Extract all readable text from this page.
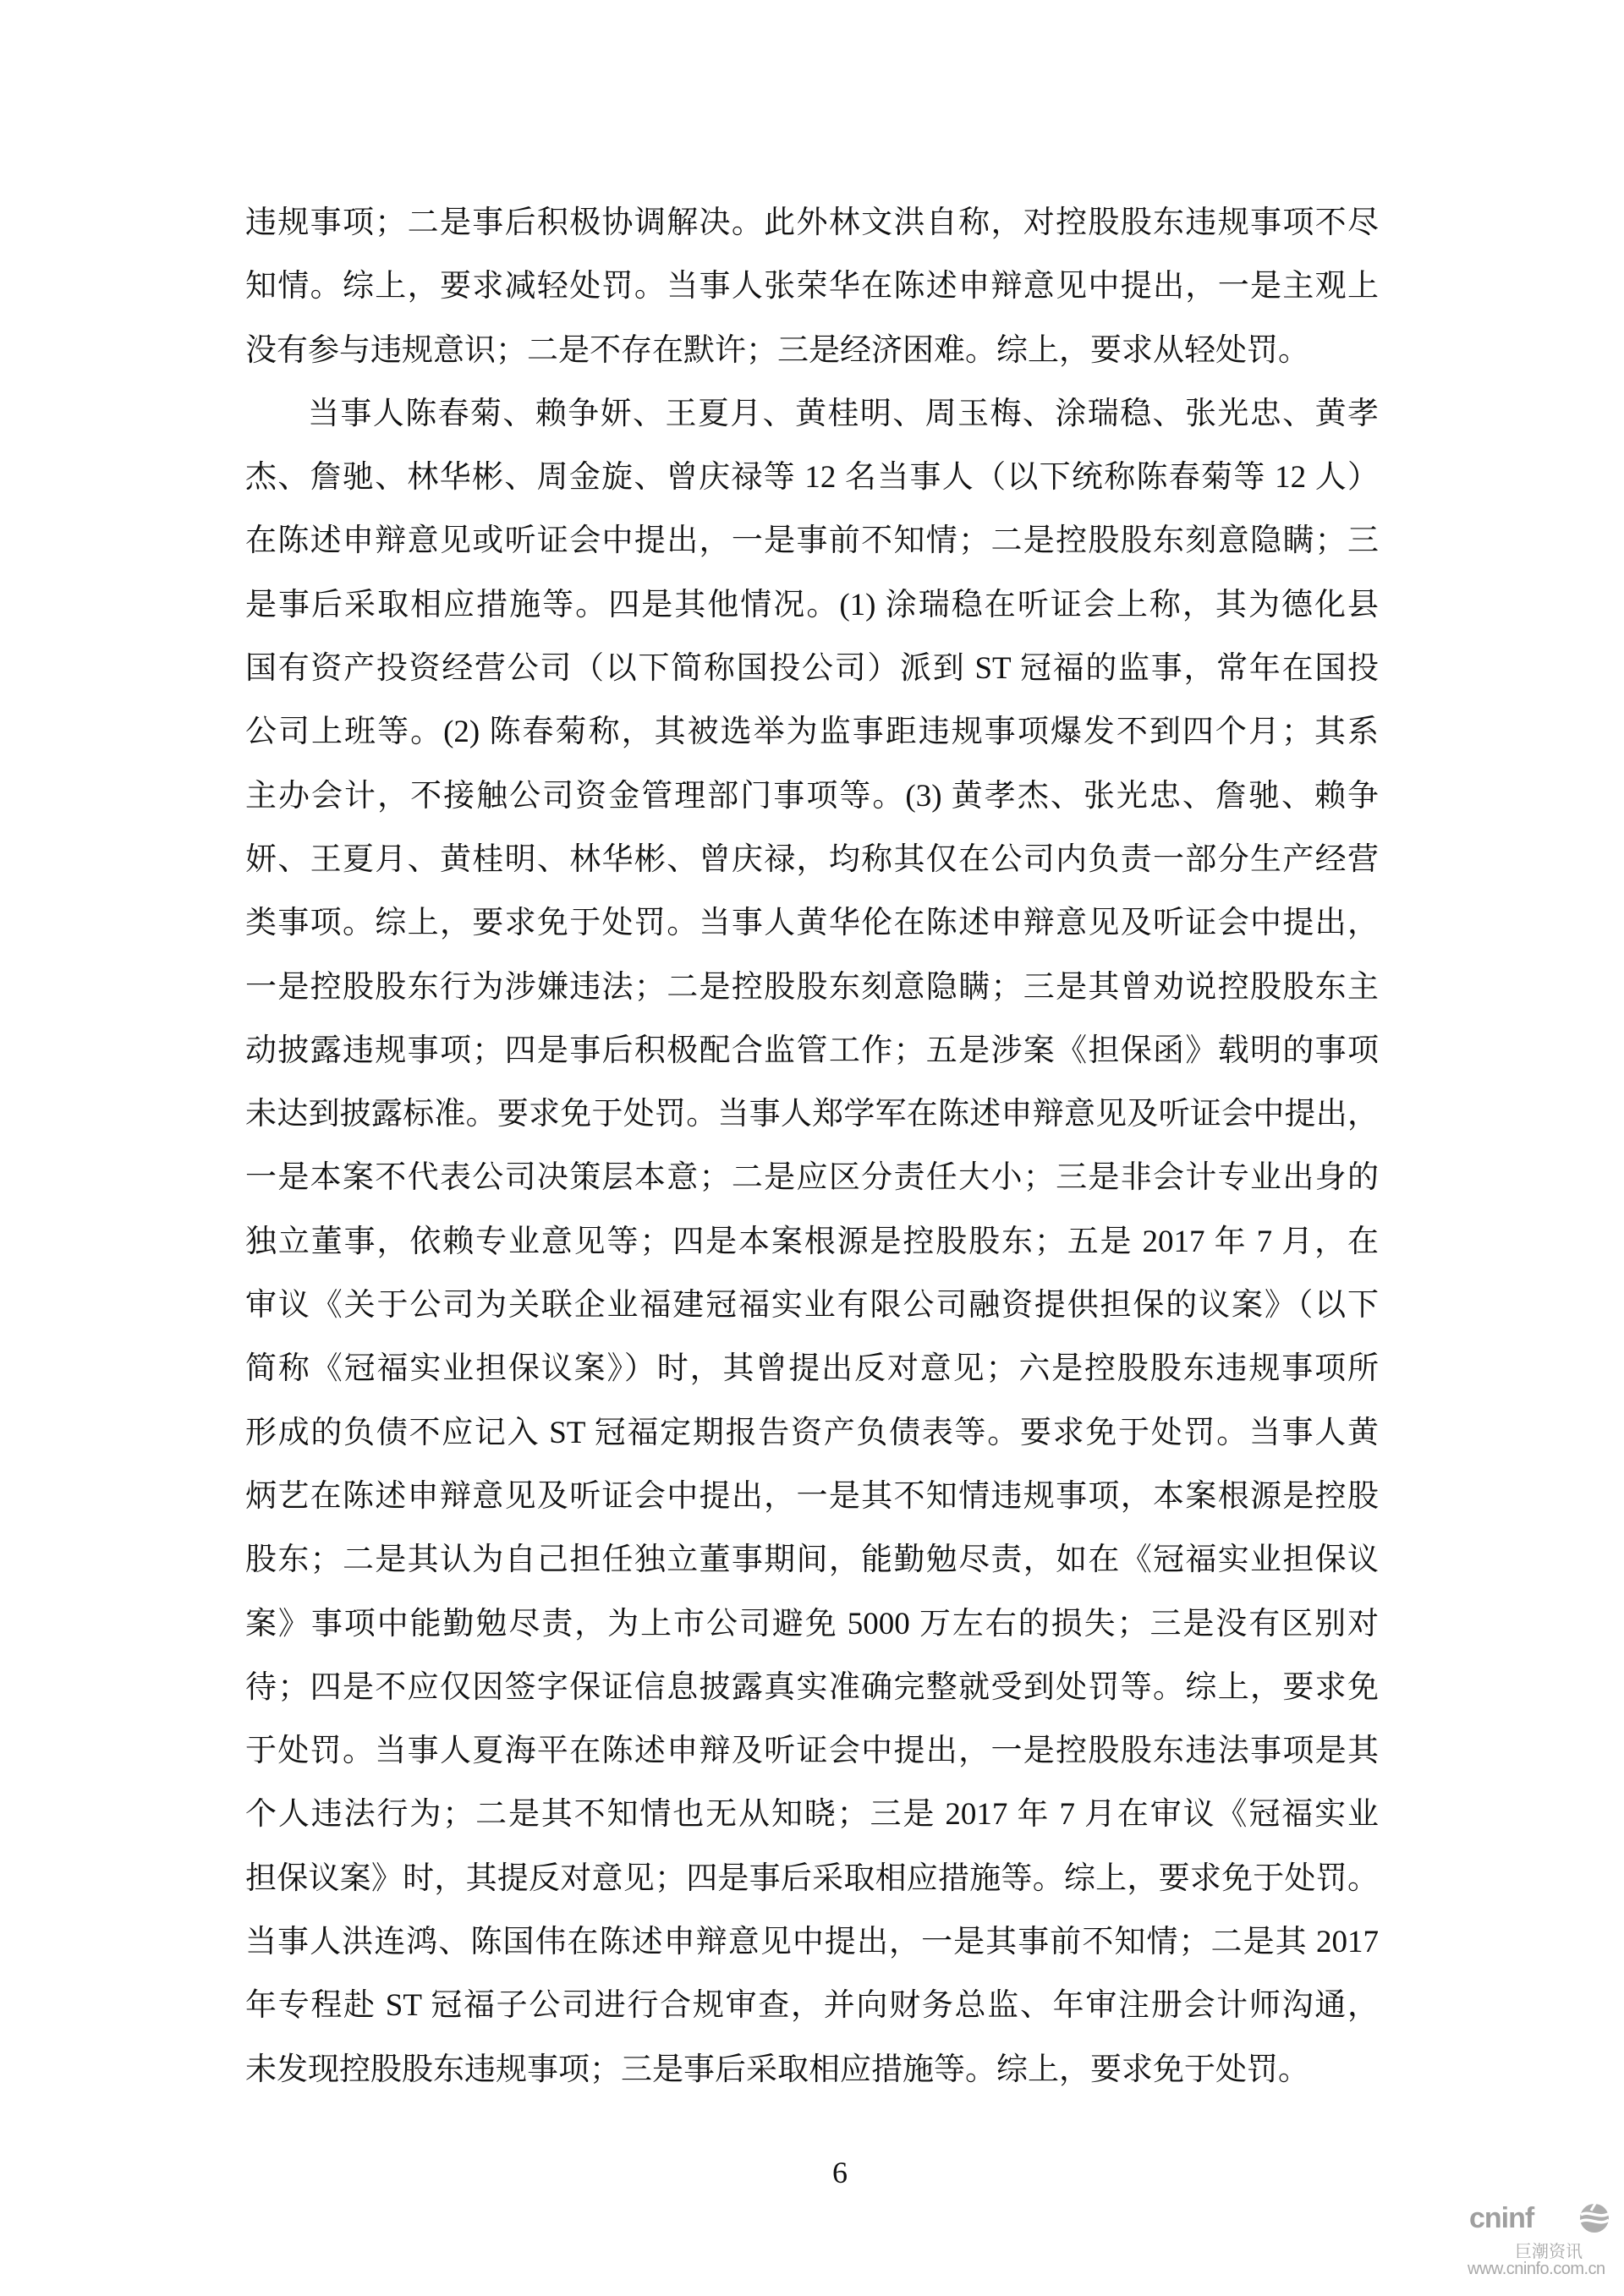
违规事项；二是事后积极协调解决。此外林文洪自称，对控股股东违规事项不尽
知情。综上，要求减轻处罚。当事人张荣华在陈述申辩意见中提出，一是主观上
没有参与违规意识；二是不存在默许；三是经济困难。综上，要求从轻处罚。
当事人陈春菊、赖争妍、王夏月、黄桂明、周玉梅、涂瑞稳、张光忠、黄孝
杰、詹驰、林华彬、周金旋、曾庆禄等 12 名当事人（以下统称陈春菊等 12 人）
在陈述申辩意见或听证会中提出，一是事前不知情；二是控股股东刻意隐瞒；三
是事后采取相应措施等。四是其他情况。(1) 涂瑞稳在听证会上称，其为德化县
国有资产投资经营公司（以下简称国投公司）派到 ST 冠福的监事，常年在国投
公司上班等。(2) 陈春菊称，其被选举为监事距违规事项爆发不到四个月；其系
主办会计，不接触公司资金管理部门事项等。(3) 黄孝杰、张光忠、詹驰、赖争
妍、王夏月、黄桂明、林华彬、曾庆禄，均称其仅在公司内负责一部分生产经营
类事项。综上，要求免于处罚。当事人黄华伦在陈述申辩意见及听证会中提出，
一是控股股东行为涉嫌违法；二是控股股东刻意隐瞒；三是其曾劝说控股股东主
动披露违规事项；四是事后积极配合监管工作；五是涉案《担保函》载明的事项
未达到披露标准。要求免于处罚。当事人郑学军在陈述申辩意见及听证会中提出，
一是本案不代表公司决策层本意；二是应区分责任大小；三是非会计专业出身的
独立董事，依赖专业意见等；四是本案根源是控股股东；五是 2017 年 7 月，在
审议《关于公司为关联企业福建冠福实业有限公司融资提供担保的议案》（以下
简称《冠福实业担保议案》）时，其曾提出反对意见；六是控股股东违规事项所
形成的负债不应记入 ST 冠福定期报告资产负债表等。要求免于处罚。当事人黄
炳艺在陈述申辩意见及听证会中提出，一是其不知情违规事项，本案根源是控股
股东；二是其认为自己担任独立董事期间，能勤勉尽责，如在《冠福实业担保议
案》事项中能勤勉尽责，为上市公司避免 5000 万左右的损失；三是没有区别对
待；四是不应仅因签字保证信息披露真实准确完整就受到处罚等。综上，要求免
于处罚。当事人夏海平在陈述申辩及听证会中提出，一是控股股东违法事项是其
个人违法行为；二是其不知情也无从知晓；三是 2017 年 7 月在审议《冠福实业
担保议案》时，其提反对意见；四是事后采取相应措施等。综上，要求免于处罚。
当事人洪连鸿、陈国伟在陈述申辩意见中提出，一是其事前不知情；二是其 2017
年专程赴 ST 冠福子公司进行合规审查，并向财务总监、年审注册会计师沟通，
未发现控股股东违规事项；三是事后采取相应措施等。综上，要求免于处罚。
6
cninf
巨潮资讯
www.cninfo.com.cn
